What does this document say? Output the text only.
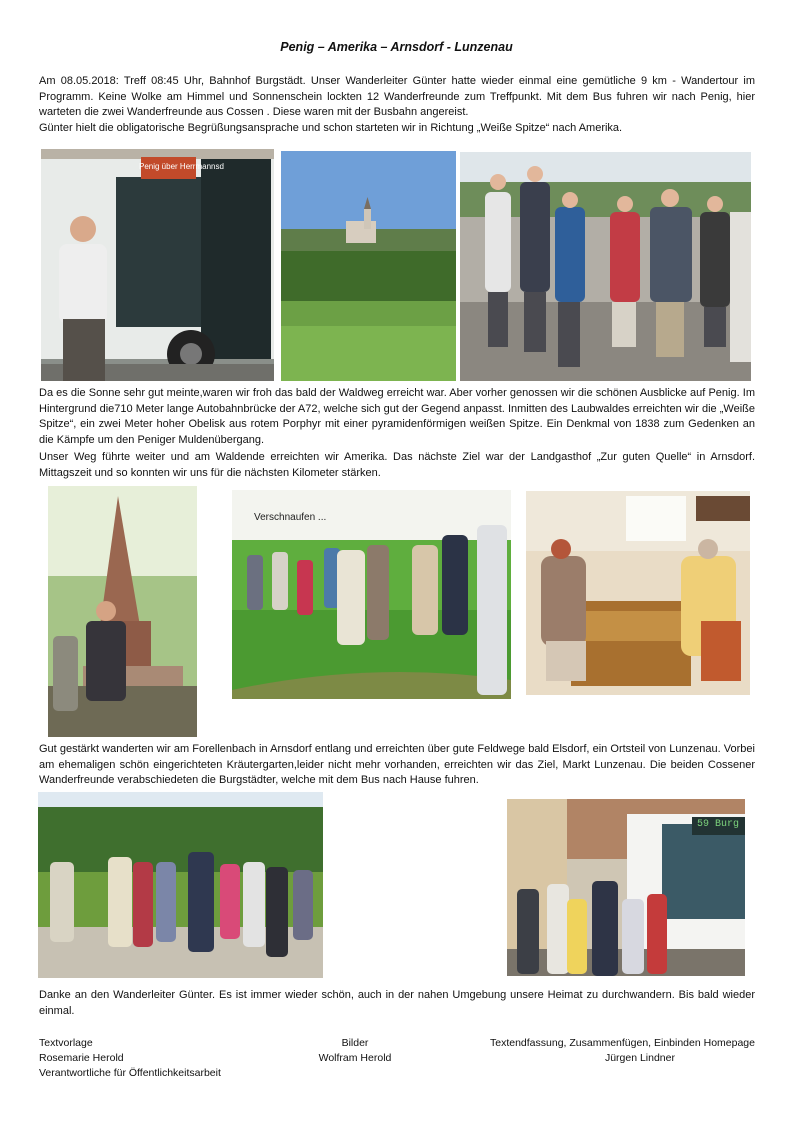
Penig – Amerika – Arnsdorf - Lunzenau

Am 08.05.2018: Treff 08:45 Uhr, Bahnhof Burgstädt. Unser Wanderleiter Günter hatte wieder einmal eine gemütliche 9 km - Wandertour im Programm. Keine Wolke am Himmel und Sonnenschein lockten 12 Wanderfreunde zum Treffpunkt. Mit dem Bus fuhren wir nach Penig, hier warteten die zwei Wanderfreunde aus Cossen . Diese waren mit der Busbahn angereist.

Günter hielt die obligatorische Begrüßungsansprache und schon starteten wir in Richtung „Weiße Spitze“ nach Amerika.

Penig über Herrmannsd

Da es die Sonne sehr gut meinte,waren wir froh das bald der Waldweg erreicht war. Aber vorher genossen wir die schönen Ausblicke auf Penig. Im Hintergrund die710 Meter lange Autobahnbrücke der A72, welche sich gut der Gegend anpasst. Inmitten des Laubwaldes erreichten wir die „Weiße Spitze“, ein zwei Meter hoher Obelisk aus rotem Porphyr mit einer pyramidenförmigen weißen Spitze. Ein Denkmal von 1838 zum Gedenken an die Kämpfe um den Peniger Muldenübergang.

Unser Weg führte weiter und am Waldende erreichten wir Amerika. Das nächste Ziel war der Landgasthof „Zur guten Quelle“ in Arnsdorf. Mittagszeit und so konnten wir uns für die nächsten Kilometer stärken.

Verschnaufen ...

Gut gestärkt wanderten wir am Forellenbach in Arnsdorf entlang und erreichten über gute Feldwege bald Elsdorf, ein Ortsteil von Lunzenau. Vorbei am ehemaligen schön eingerichteten Kräutergarten,leider nicht mehr vorhanden, erreichten wir das Ziel, Markt Lunzenau. Die beiden Cossener Wanderfreunde verabschiedeten die Burgstädter, welche mit dem Bus nach Hause fuhren.

59 Burg

Danke an den Wanderleiter Günter. Es ist immer wieder schön, auch in der nahen Umgebung unsere Heimat zu durchwandern. Bis bald wieder einmal.

Textvorlage
Rosemarie Herold
Verantwortliche für Öffentlichkeitsarbeit
Bilder
Wolfram Herold
Textendfassung, Zusammenfügen, Einbinden Homepage
Jürgen Lindner
